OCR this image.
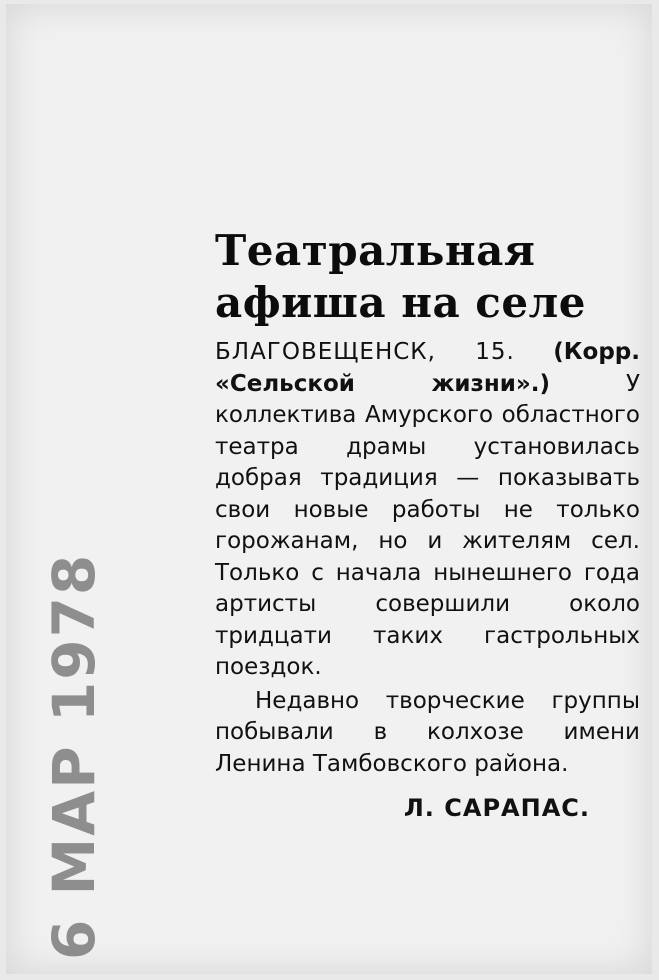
6 МАР 1978
Театральная
афиша на селе

БЛАГОВЕЩЕНСК, 15. (Корр. «Сельской жизни».)	У коллектива Амурского областного театра драмы установилась добрая традиция — показывать свои новые работы не только горожанам, но и жителям сел. Только с начала нынешнего года артисты совершили около тридцати таких гастрольных поездок.

Недавно творческие группы побывали в колхозе имени Ленина Тамбовского района.

Л. САРАПАС.
